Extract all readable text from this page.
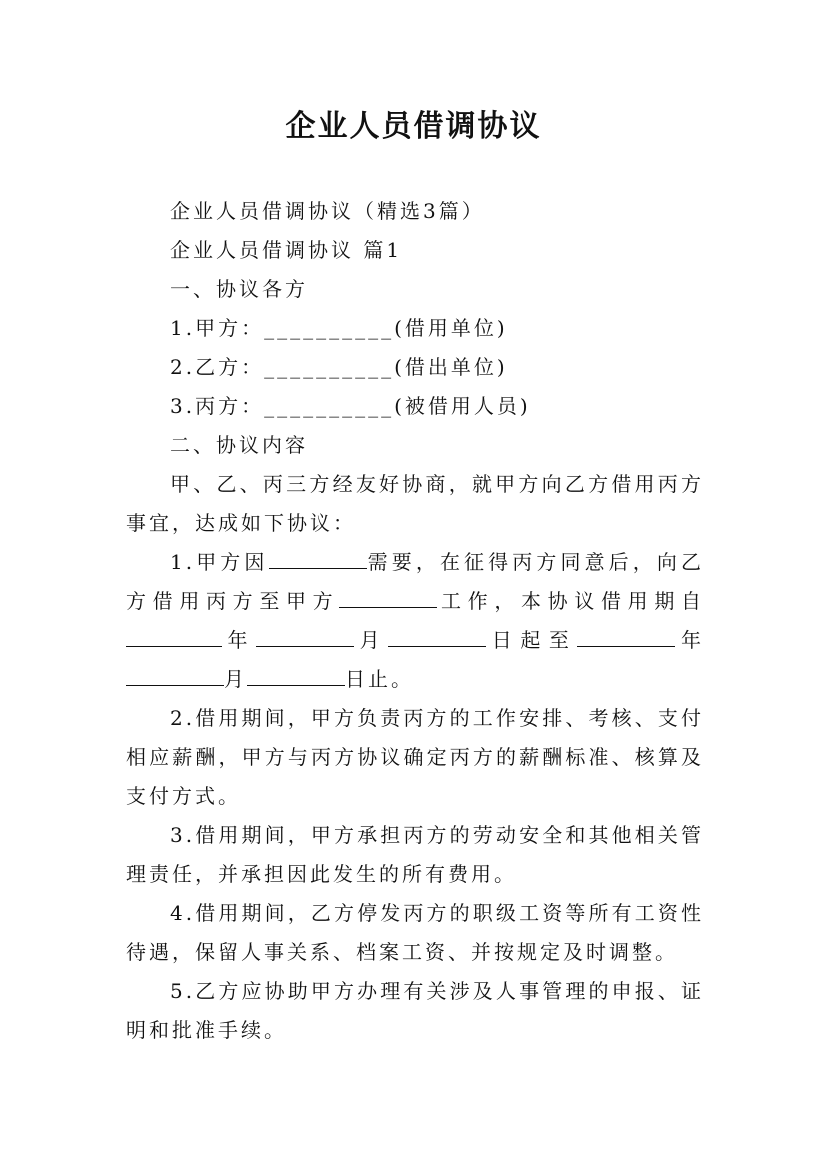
企业人员借调协议

企业人员借调协议（精选3篇）

企业人员借调协议 篇1

一、协议各方

1.甲方：__________(借用单位)

2.乙方：__________(借出单位)

3.丙方：__________(被借用人员)

二、协议内容

甲、乙、丙三方经友好协商，就甲方向乙方借用丙方事宜，达成如下协议：

1.甲方因	需要，在征得丙方同意后，向乙方借用丙方至甲方	工作，本协议借用期自年	月	日起至	年月	日止。

2.借用期间，甲方负责丙方的工作安排、考核、支付相应薪酬，甲方与丙方协议确定丙方的薪酬标准、核算及支付方式。

3.借用期间，甲方承担丙方的劳动安全和其他相关管理责任，并承担因此发生的所有费用。

4.借用期间，乙方停发丙方的职级工资等所有工资性待遇，保留人事关系、档案工资、并按规定及时调整。

5.乙方应协助甲方办理有关涉及人事管理的申报、证明和批准手续。
